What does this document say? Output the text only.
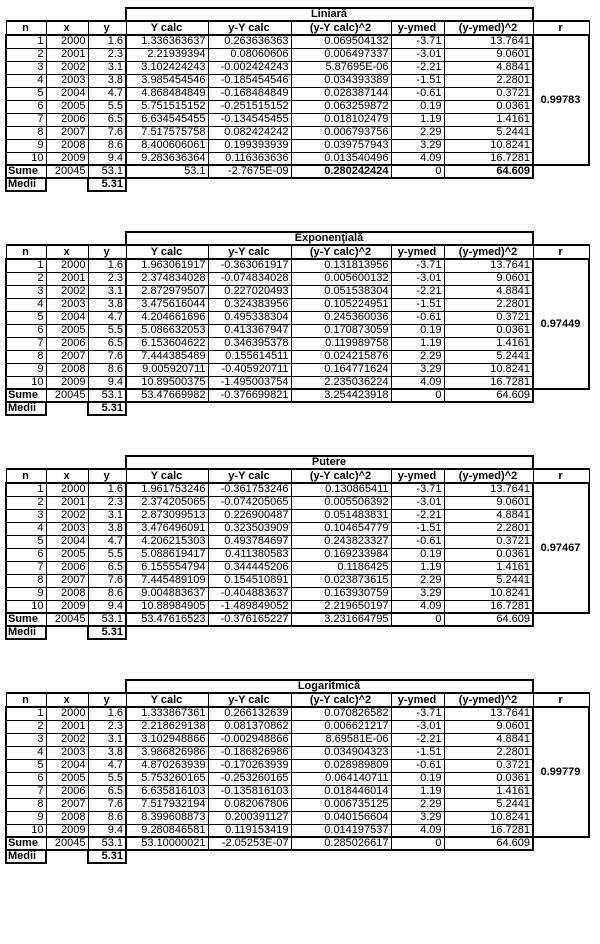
			Liniară					
n	x	y	Y calc	y-Y calc	(y-Y calc)^2	y-ymed	(y-ymed)^2	r
1	2000	1.6	1.336363637	0.263636363	0.069504132	-3.71	13.7641	0.99783
2	2001	2.3	2.21939394	0.08060606	0.006497337	-3.01	9.0601	
3	2002	3.1	3.102424243	-0.002424243	5.87695E-06	-2.21	4.8841	
4	2003	3.8	3.985454546	-0.185454546	0.034393389	-1.51	2.2801	
5	2004	4.7	4.868484849	-0.168484849	0.028387144	-0.61	0.3721	
6	2005	5.5	5.751515152	-0.251515152	0.063259872	0.19	0.0361	
7	2006	6.5	6.634545455	-0.134545455	0.018102479	1.19	1.4161	
8	2007	7.6	7.517575758	0.082424242	0.006793756	2.29	5.2441	
9	2008	8.6	8.400606061	0.199393939	0.039757943	3.29	10.8241	
10	2009	9.4	9.283636364	0.116363636	0.013540496	4.09	16.7281	
Sume	20045	53.1	53.1	-2.7675E-09	0.280242424	0	64.609	
Medii		5.31						
			Exponenţială					
n	x	y	Y calc	y-Y calc	(y-Y calc)^2	y-ymed	(y-ymed)^2	r
1	2000	1.6	1.963061917	-0.363061917	0.131813956	-3.71	13.7641	0.97449
2	2001	2.3	2.374834028	-0.074834028	0.005600132	-3.01	9.0601	
3	2002	3.1	2.872979507	0.227020493	0.051538304	-2.21	4.8841	
4	2003	3.8	3.475616044	0.324383956	0.105224951	-1.51	2.2801	
5	2004	4.7	4.204661696	0.495338304	0.245360036	-0.61	0.3721	
6	2005	5.5	5.086632053	0.413367947	0.170873059	0.19	0.0361	
7	2006	6.5	6.153604622	0.346395378	0.119989758	1.19	1.4161	
8	2007	7.6	7.444385489	0.155614511	0.024215876	2.29	5.2441	
9	2008	8.6	9.005920711	-0.405920711	0.164771624	3.29	10.8241	
10	2009	9.4	10.89500375	-1.495003754	2.235036224	4.09	16.7281	
Sume	20045	53.1	53.47669982	-0.376699821	3.254423918	0	64.609	
Medii		5.31						
			Putere					
n	x	y	Y calc	y-Y calc	(y-Y calc)^2	y-ymed	(y-ymed)^2	r
1	2000	1.6	1.961753246	-0.361753246	0.130865411	-3.71	13.7641	0.97467
2	2001	2.3	2.374205065	-0.074205065	0.005506392	-3.01	9.0601	
3	2002	3.1	2.873099513	0.226900487	0.051483831	-2.21	4.8841	
4	2003	3.8	3.476496091	0.323503909	0.104654779	-1.51	2.2801	
5	2004	4.7	4.206215303	0.493784697	0.243823327	-0.61	0.3721	
6	2005	5.5	5.088619417	0.411380583	0.169233984	0.19	0.0361	
7	2006	6.5	6.155554794	0.344445206	0.1186425	1.19	1.4161	
8	2007	7.6	7.445489109	0.154510891	0.023873615	2.29	5.2441	
9	2008	8.6	9.004883637	-0.404883637	0.163930759	3.29	10.8241	
10	2009	9.4	10.88984905	-1.489849052	2.219650197	4.09	16.7281	
Sume	20045	53.1	53.47616523	-0.376165227	3.231664795	0	64.609	
Medii		5.31						
			Logaritmică					
n	x	y	Y calc	y-Y calc	(y-Y calc)^2	y-ymed	(y-ymed)^2	r
1	2000	1.6	1.333867361	0.266132639	0.070826582	-3.71	13.7641	0.99779
2	2001	2.3	2.218629138	0.081370862	0.006621217	-3.01	9.0601	
3	2002	3.1	3.102948866	-0.002948866	8.69581E-06	-2.21	4.8841	
4	2003	3.8	3.986826986	-0.186826986	0.034904323	-1.51	2.2801	
5	2004	4.7	4.870263939	-0.170263939	0.028989809	-0.61	0.3721	
6	2005	5.5	5.753260165	-0.253260165	0.064140711	0.19	0.0361	
7	2006	6.5	6.635816103	-0.135816103	0.018446014	1.19	1.4161	
8	2007	7.6	7.517932194	0.082067806	0.006735125	2.29	5.2441	
9	2008	8.6	8.399608873	0.200391127	0.040156604	3.29	10.8241	
10	2009	9.4	9.280846581	0.119153419	0.014197537	4.09	16.7281	
Sume	20045	53.1	53.10000021	-2.05253E-07	0.285026617	0	64.609	
Medii		5.31						
